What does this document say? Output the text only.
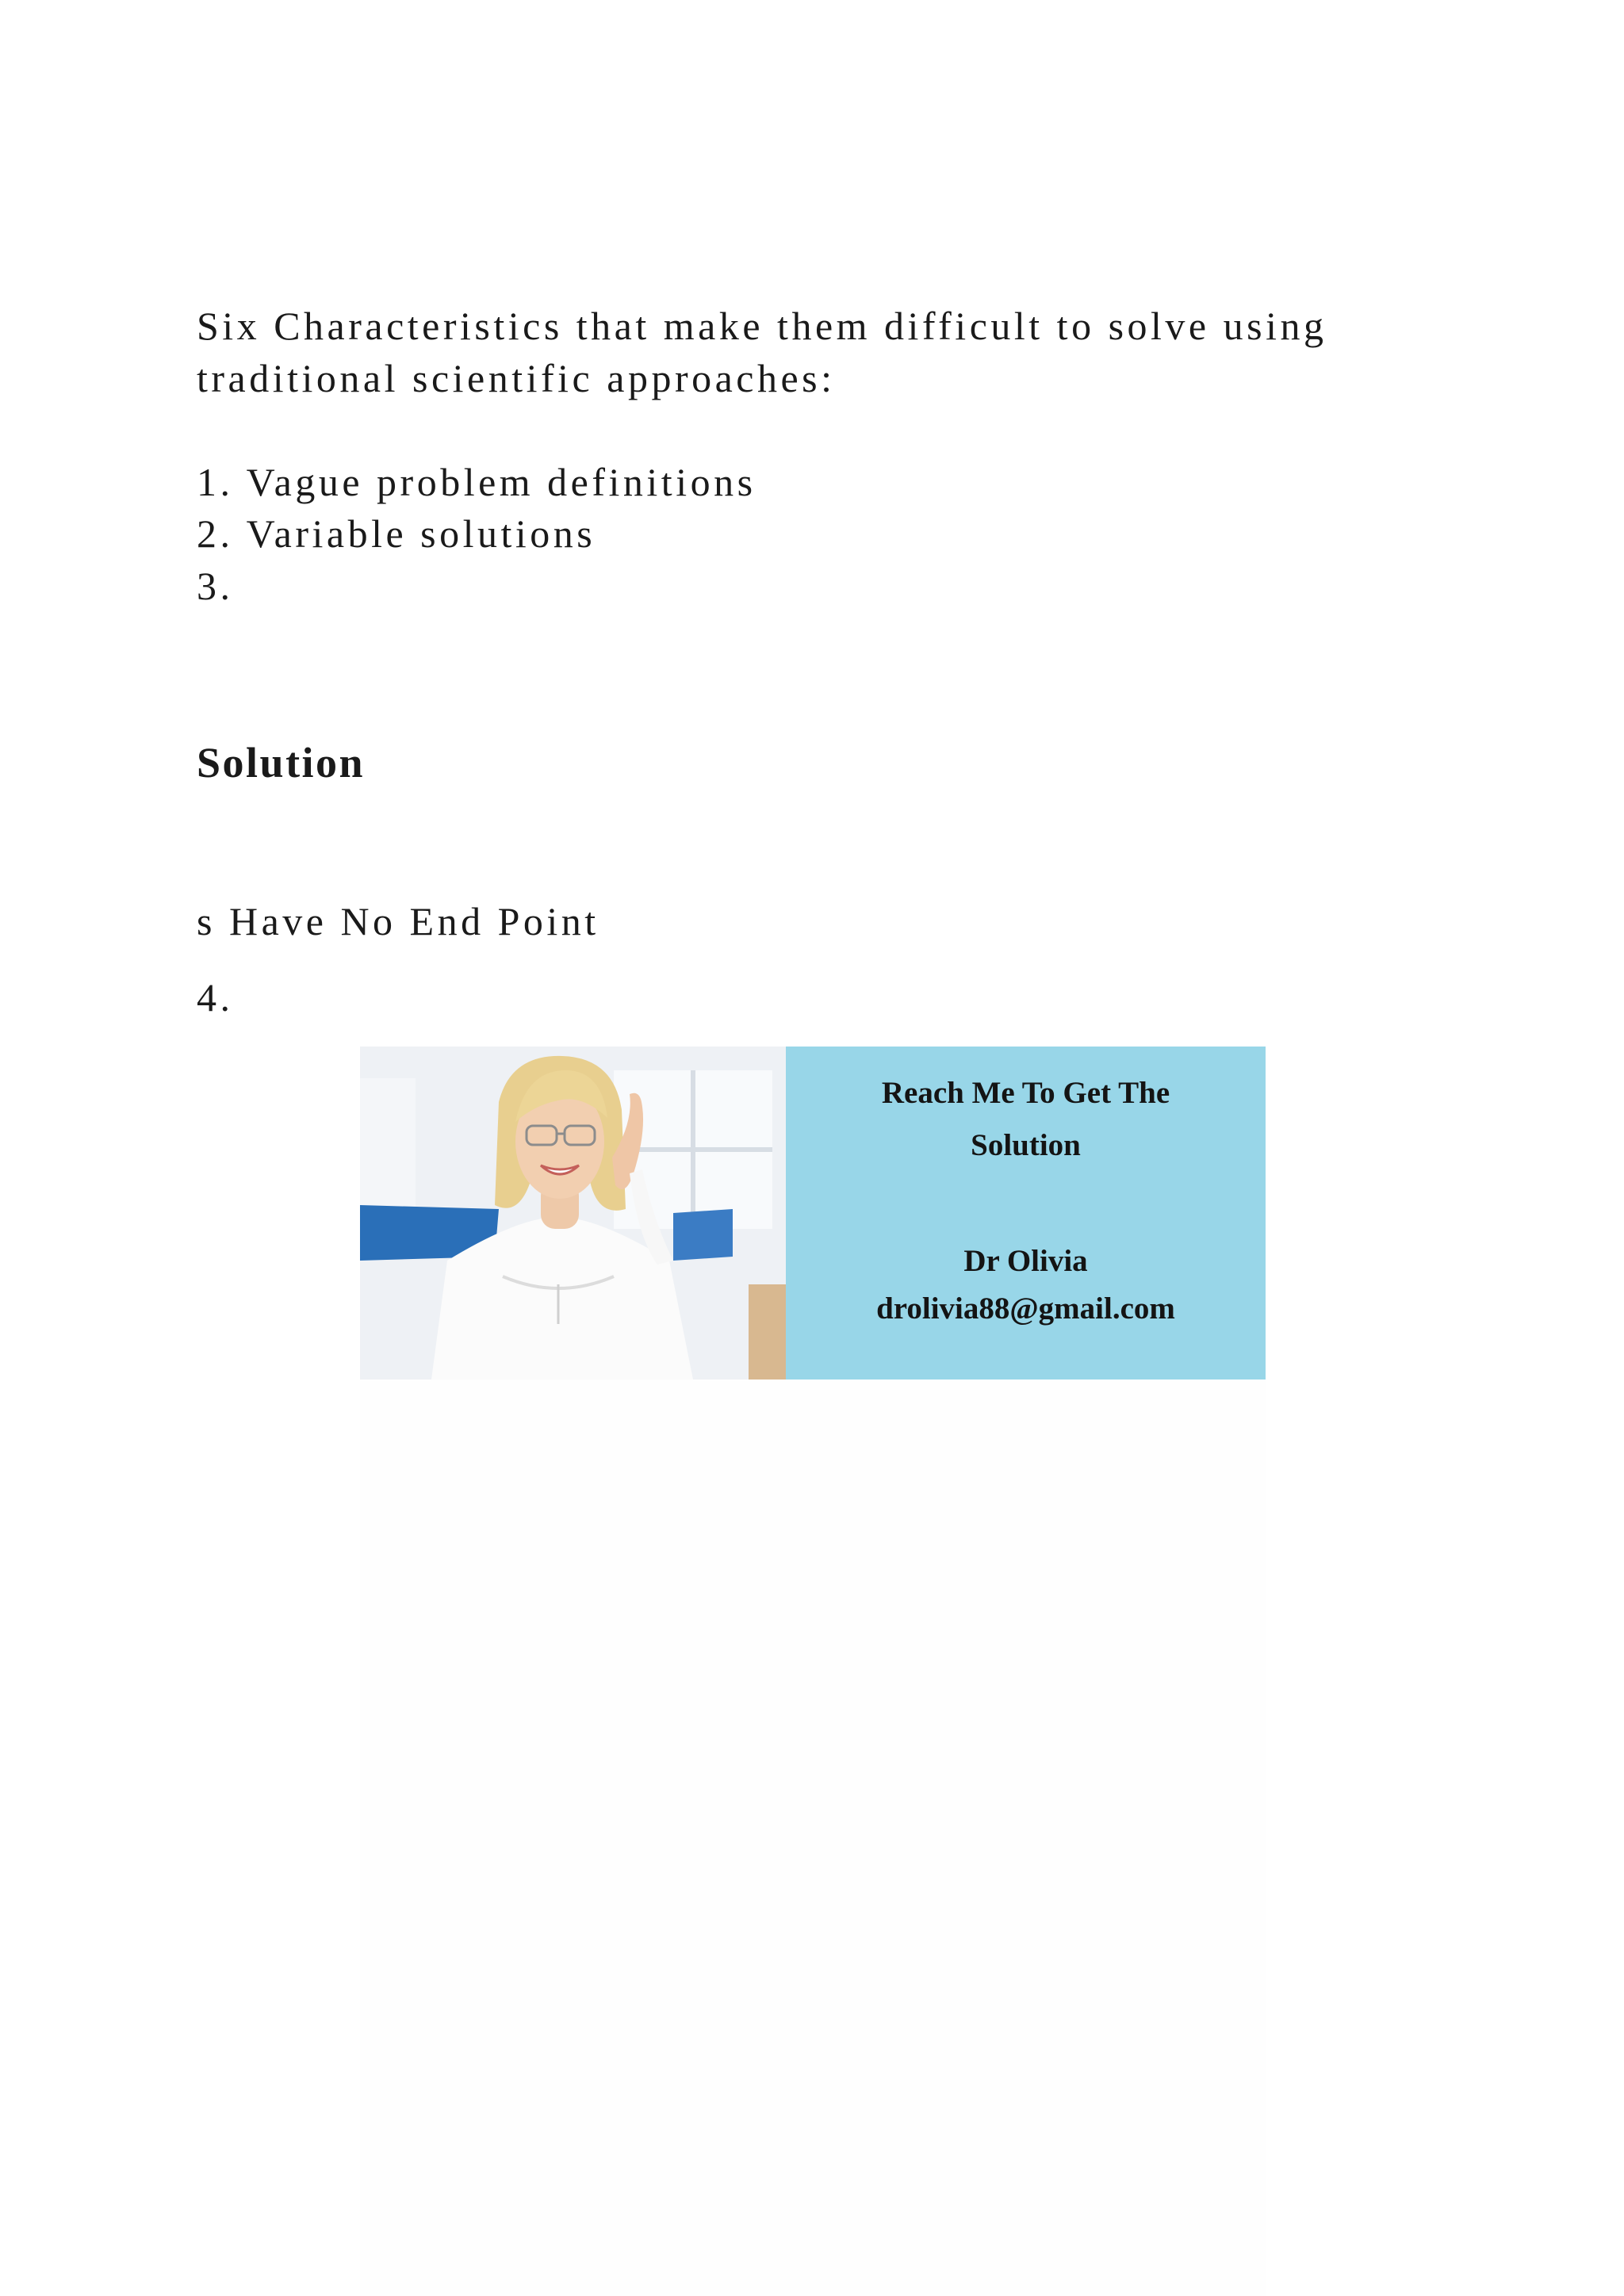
Six Characteristics that make them difficult to solve using
traditional scientific approaches:
1. Vague problem definitions
2. Variable solutions
3.
Solution
s Have No End Point
4.
Reach Me To Get The
Solution
Dr Olivia
drolivia88@gmail.com
